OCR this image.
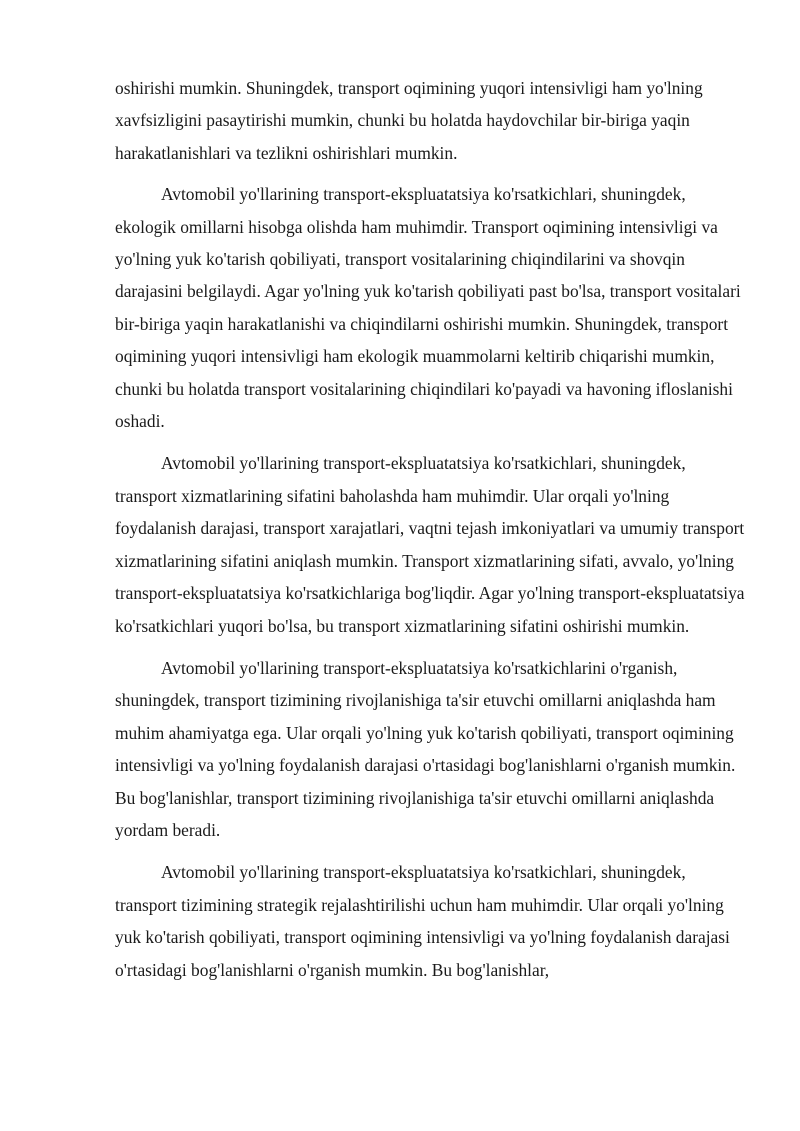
oshirishi mumkin. Shuningdek, transport oqimining yuqori intensivligi ham yo'lning xavfsizligini pasaytirishi mumkin, chunki bu holatda haydovchilar bir-biriga yaqin harakatlanishlari va tezlikni oshirishlari mumkin.

Avtomobil yo'llarining transport-ekspluatatsiya ko'rsatkichlari, shuningdek, ekologik omillarni hisobga olishda ham muhimdir. Transport oqimining intensivligi va yo'lning yuk ko'tarish qobiliyati, transport vositalarining chiqindilarini va shovqin darajasini belgilaydi. Agar yo'lning yuk ko'tarish qobiliyati past bo'lsa, transport vositalari bir-biriga yaqin harakatlanishi va chiqindilarni oshirishi mumkin. Shuningdek, transport oqimining yuqori intensivligi ham ekologik muammolarni keltirib chiqarishi mumkin, chunki bu holatda transport vositalarining chiqindilari ko'payadi va havoning ifloslanishi oshadi.

Avtomobil yo'llarining transport-ekspluatatsiya ko'rsatkichlari, shuningdek, transport xizmatlarining sifatini baholashda ham muhimdir. Ular orqali yo'lning foydalanish darajasi, transport xarajatlari, vaqtni tejash imkoniyatlari va umumiy transport xizmatlarining sifatini aniqlash mumkin. Transport xizmatlarining sifati, avvalo, yo'lning transport-ekspluatatsiya ko'rsatkichlariga bog'liqdir. Agar yo'lning transport-ekspluatatsiya ko'rsatkichlari yuqori bo'lsa, bu transport xizmatlarining sifatini oshirishi mumkin.

Avtomobil yo'llarining transport-ekspluatatsiya ko'rsatkichlarini o'rganish, shuningdek, transport tizimining rivojlanishiga ta'sir etuvchi omillarni aniqlashda ham muhim ahamiyatga ega. Ular orqali yo'lning yuk ko'tarish qobiliyati, transport oqimining intensivligi va yo'lning foydalanish darajasi o'rtasidagi bog'lanishlarni o'rganish mumkin. Bu bog'lanishlar, transport tizimining rivojlanishiga ta'sir etuvchi omillarni aniqlashda yordam beradi.

Avtomobil yo'llarining transport-ekspluatatsiya ko'rsatkichlari, shuningdek, transport tizimining strategik rejalashtirilishi uchun ham muhimdir. Ular orqali yo'lning yuk ko'tarish qobiliyati, transport oqimining intensivligi va yo'lning foydalanish darajasi o'rtasidagi bog'lanishlarni o'rganish mumkin. Bu bog'lanishlar,
